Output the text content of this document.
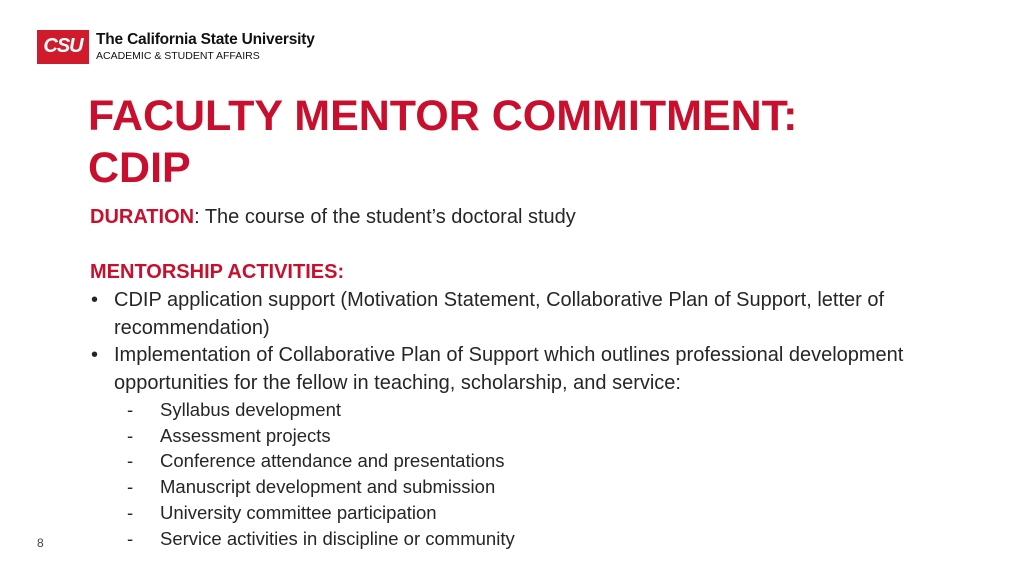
CSU The California State University
ACADEMIC & STUDENT AFFAIRS
FACULTY MENTOR COMMITMENT:
CDIP
DURATION: The course of the student’s doctoral study
MENTORSHIP ACTIVITIES:
• CDIP application support (Motivation Statement, Collaborative Plan of Support, letter of recommendation)
• Implementation of Collaborative Plan of Support which outlines professional development opportunities for the fellow in teaching, scholarship, and service:
- Syllabus development
- Assessment projects
- Conference attendance and presentations
- Manuscript development and submission
- University committee participation
- Service activities in discipline or community
8
